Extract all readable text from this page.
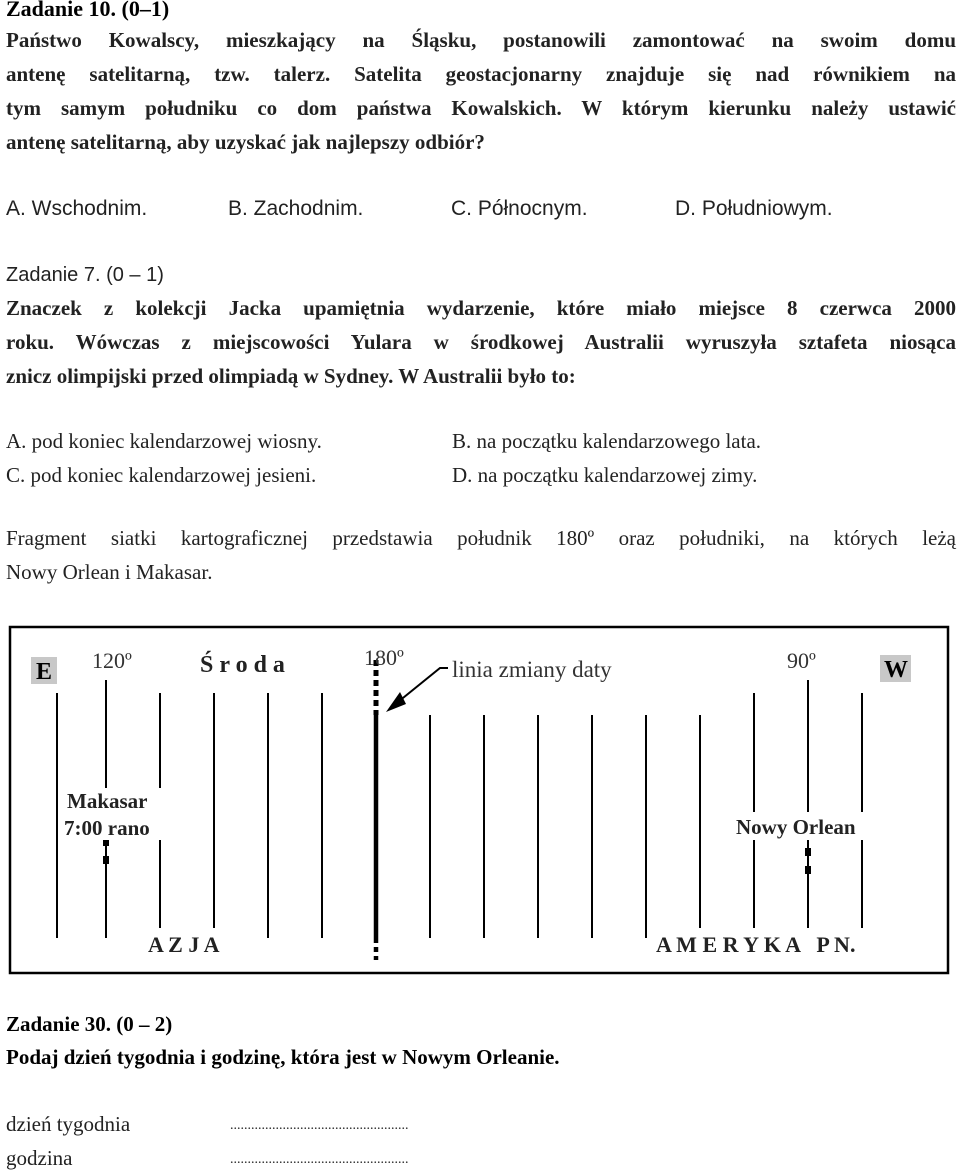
Zadanie 10. (0–1)
Państwo Kowalscy, mieszkający na Śląsku, postanowili zamontować na swoim domu
antenę satelitarną, tzw. talerz. Satelita geostacjonarny znajduje się nad równikiem na
tym samym południku co dom państwa Kowalskich. W którym kierunku należy ustawić
antenę satelitarną, aby uzyskać jak najlepszy odbiór?
A. Wschodnim.	B. Zachodnim.	C. Północnym.	D. Południowym.
Zadanie 7. (0 – 1)
Znaczek z kolekcji Jacka upamiętnia wydarzenie, które miało miejsce 8 czerwca 2000
roku. Wówczas z miejscowości Yulara w środkowej Australii wyruszyła sztafeta niosąca
znicz olimpijski przed olimpiadą w Sydney. W Australii było to:
A. pod koniec kalendarzowej wiosny.	B. na początku kalendarzowego lata.
C. pod koniec kalendarzowej jesieni.	D. na początku kalendarzowej zimy.
Fragment siatki kartograficznej przedstawia południk 180º oraz południki, na których leżą
Nowy Orlean i Makasar.
E	W
120º	Ś r o d a	180º linia zmiany daty	90º
Makasar
7:00 rano	Nowy Orlean
A Z J A	A M E R Y K A   P N.
Zadanie 30. (0 – 2)
Podaj dzień tygodnia i godzinę, która jest w Nowym Orleanie.
dzień tygodnia	...................................................
godzina	...................................................
